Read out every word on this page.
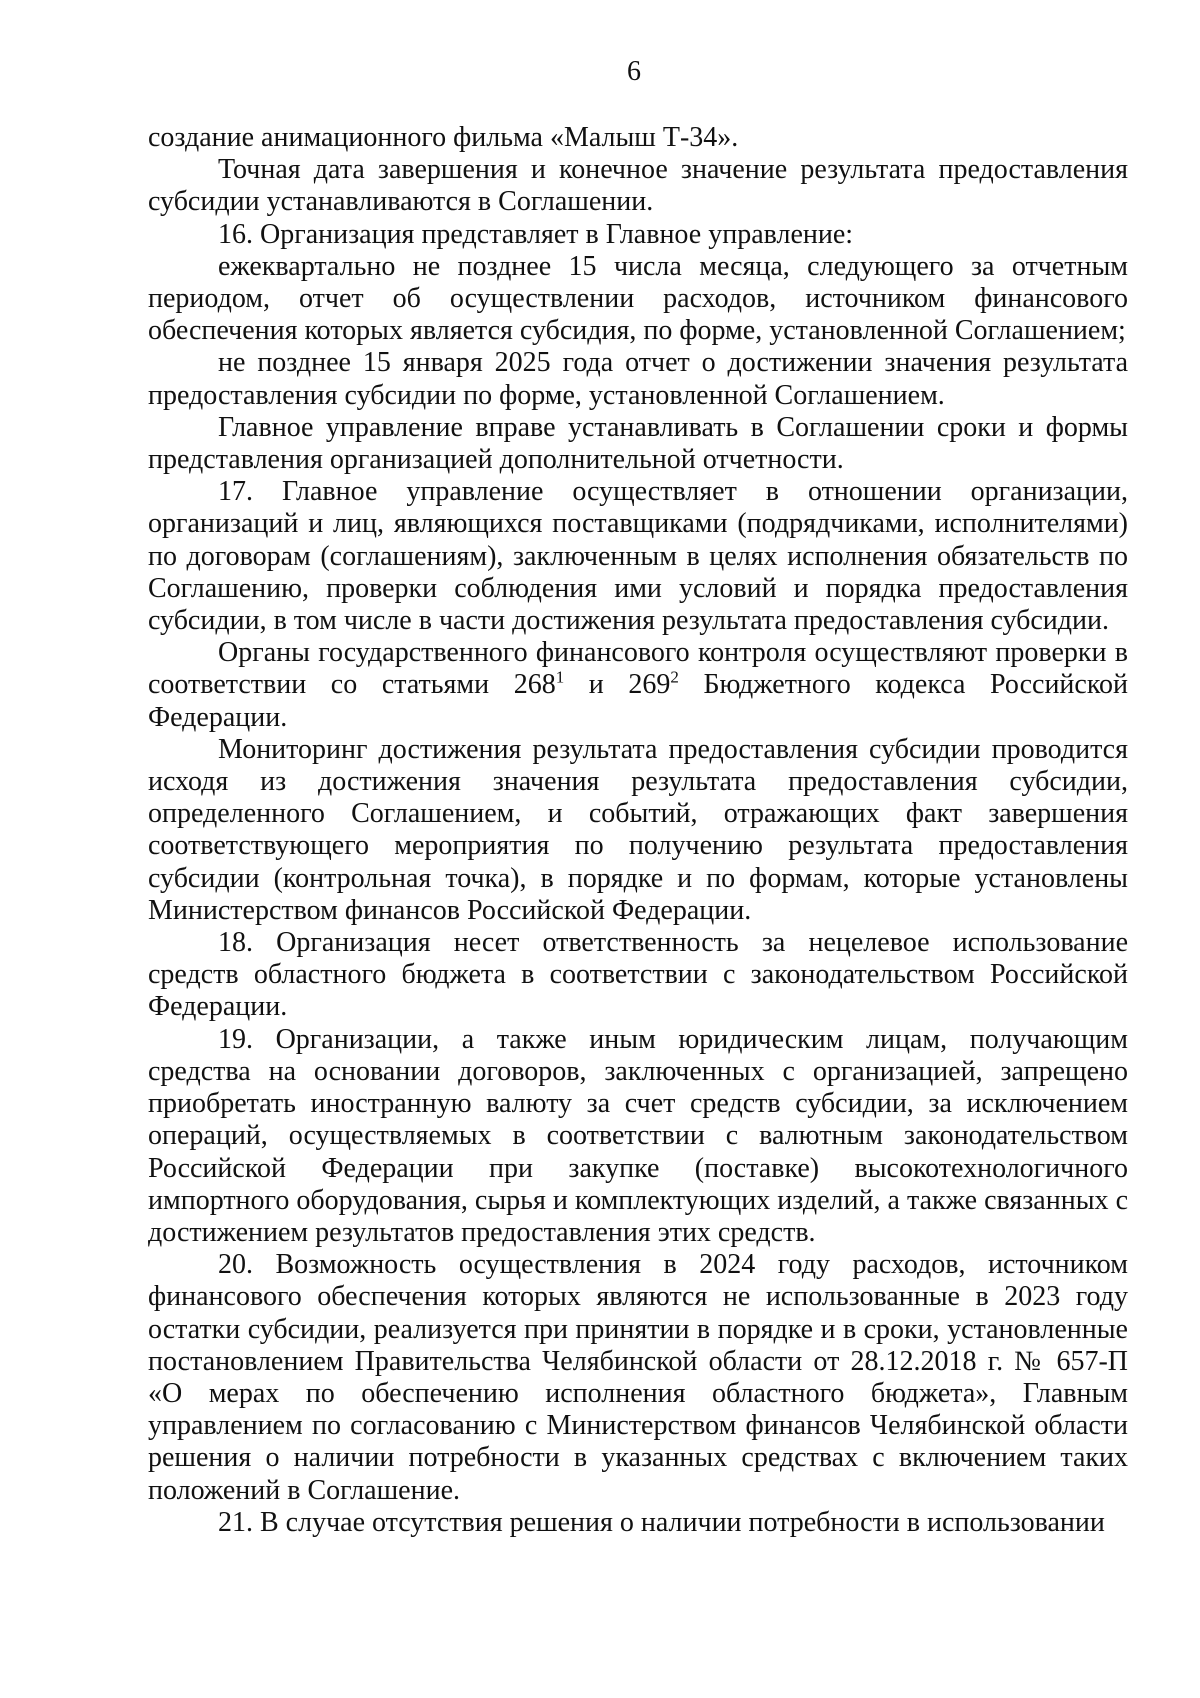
6

создание анимационного фильма «Малыш Т-34».

Точная дата завершения и конечное значение результата предоставления субсидии устанавливаются в Соглашении.

16. Организация представляет в Главное управление:

ежеквартально не позднее 15 числа месяца, следующего за отчетным периодом, отчет об осуществлении расходов, источником финансового обеспечения которых является субсидия, по форме, установленной Соглашением;

не позднее 15 января 2025 года отчет о достижении значения результата предоставления субсидии по форме, установленной Соглашением.

Главное управление вправе устанавливать в Соглашении сроки и формы представления организацией дополнительной отчетности.

17. Главное управление осуществляет в отношении организации, организаций и лиц, являющихся поставщиками (подрядчиками, исполнителями) по договорам (соглашениям), заключенным в целях исполнения обязательств по Соглашению, проверки соблюдения ими условий и порядка предоставления субсидии, в том числе в части достижения результата предоставления субсидии.

Органы государственного финансового контроля осуществляют проверки в соответствии со статьями $268^1$ и $269^2$ Бюджетного кодекса Российской Федерации.

Мониторинг достижения результата предоставления субсидии проводится исходя из достижения значения результата предоставления субсидии, определенного Соглашением, и событий, отражающих факт завершения соответствующего мероприятия по получению результата предоставления субсидии (контрольная точка), в порядке и по формам, которые установлены Министерством финансов Российской Федерации.

18. Организация несет ответственность за нецелевое использование средств областного бюджета в соответствии с законодательством Российской Федерации.

19. Организации, а также иным юридическим лицам, получающим средства на основании договоров, заключенных с организацией, запрещено приобретать иностранную валюту за счет средств субсидии, за исключением операций, осуществляемых в соответствии с валютным законодательством Российской Федерации при закупке (поставке) высокотехнологичного импортного оборудования, сырья и комплектующих изделий, а также связанных с достижением результатов предоставления этих средств.

20. Возможность осуществления в 2024 году расходов, источником финансового обеспечения которых являются не использованные в 2023 году остатки субсидии, реализуется при принятии в порядке и в сроки, установленные постановлением Правительства Челябинской области от 28.12.2018 г. № 657-П «О мерах по обеспечению исполнения областного бюджета», Главным управлением по согласованию с Министерством финансов Челябинской области решения о наличии потребности в указанных средствах с включением таких положений в Соглашение.

21. В случае отсутствия решения о наличии потребности в использовании
